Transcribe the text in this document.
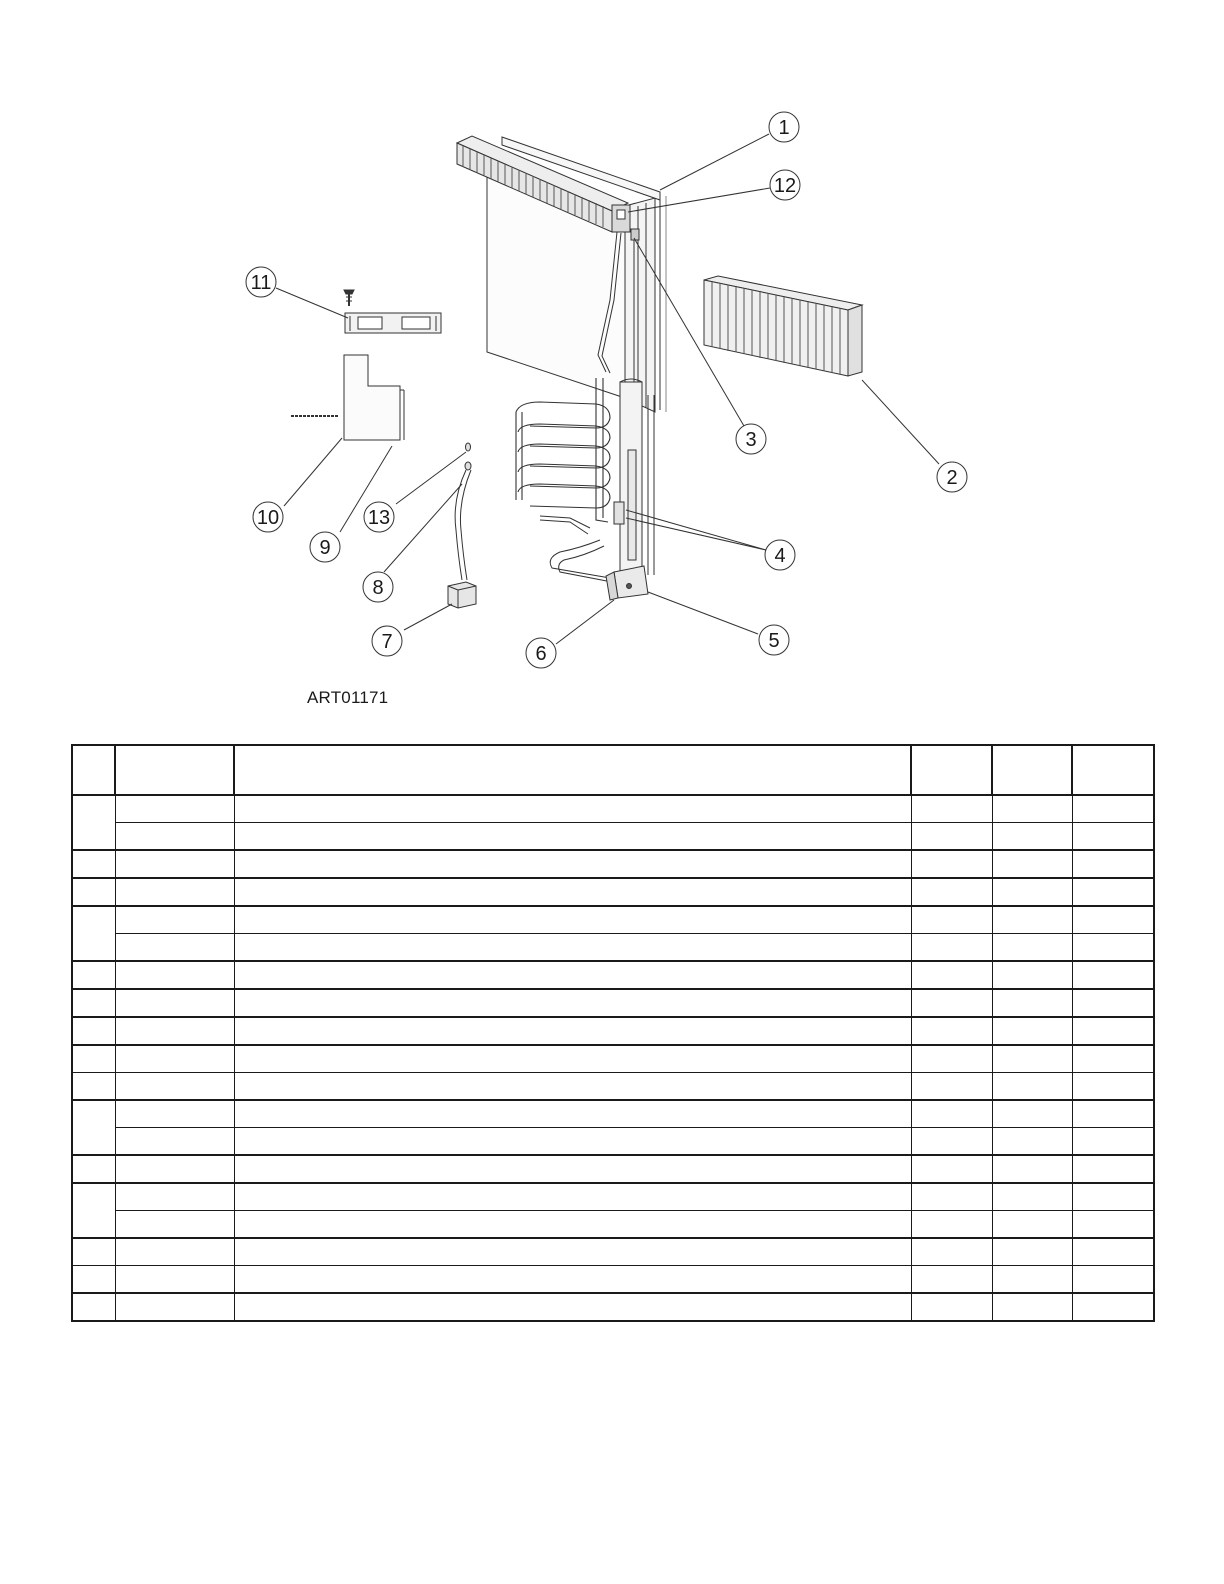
1
2
3
4
5
6
7
8
9
10
11
12
13
ART01171
